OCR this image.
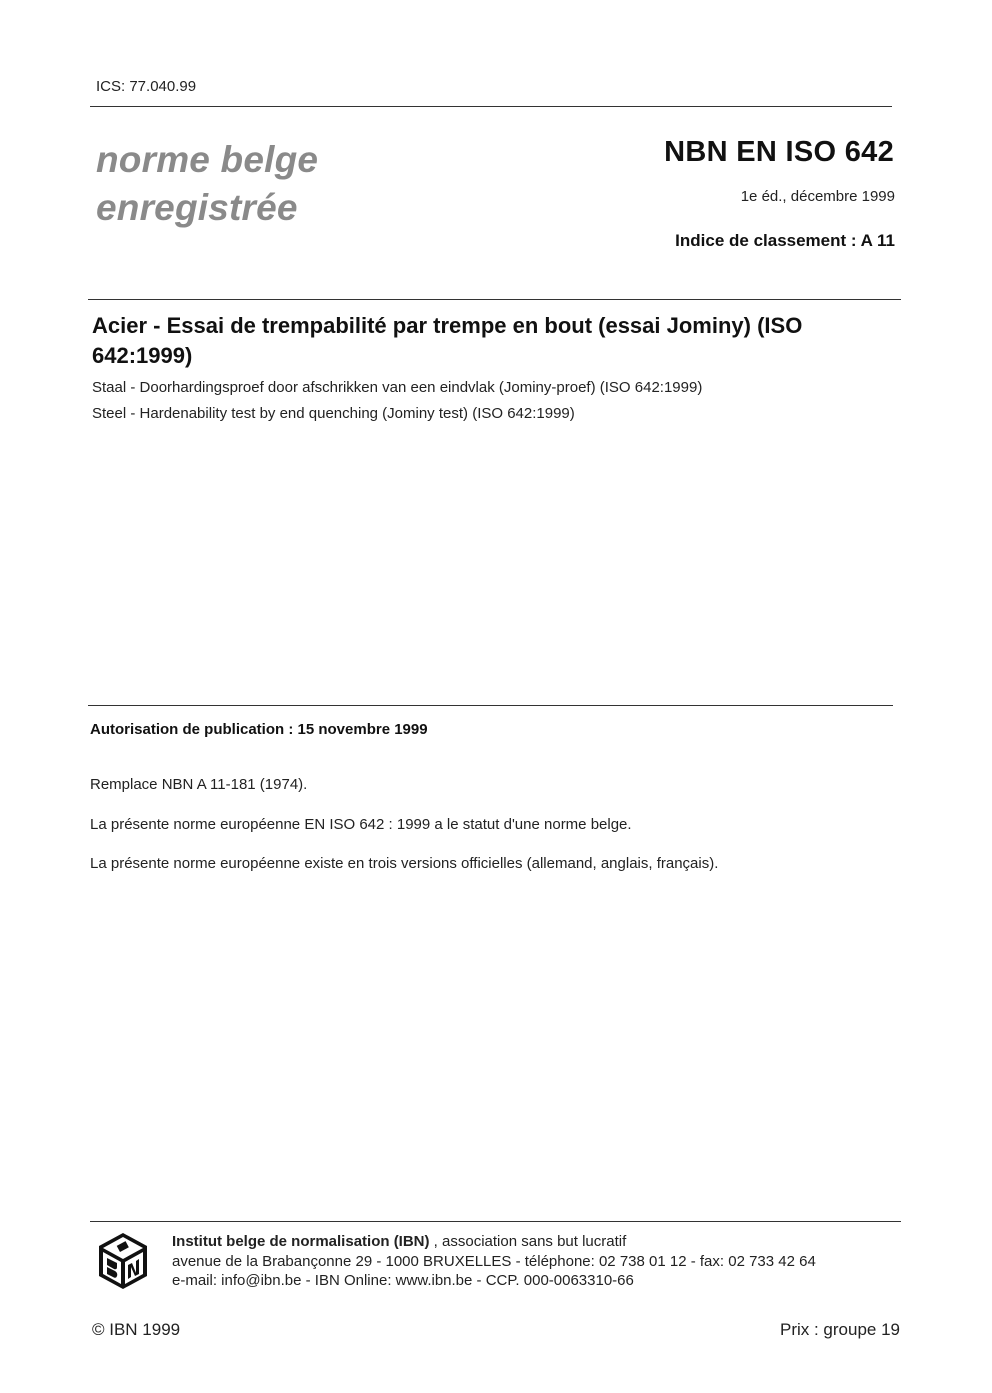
ICS: 77.040.99
norme belge
enregistrée
NBN EN ISO 642
1e éd., décembre 1999
Indice de classement : A 11
Acier - Essai de trempabilité par trempe en bout (essai Jominy) (ISO 642:1999)
Staal - Doorhardingsproef door afschrikken van een eindvlak (Jominy-proef) (ISO 642:1999)
Steel - Hardenability test by end quenching (Jominy test) (ISO 642:1999)
Autorisation de publication : 15 novembre 1999
Remplace NBN A 11-181 (1974).
La présente norme européenne EN ISO 642 : 1999 a le statut d'une norme belge.
La présente norme européenne existe en trois versions officielles (allemand, anglais, français).
Institut belge de normalisation (IBN) , association sans but lucratif
avenue de la Brabançonne 29 - 1000 BRUXELLES - téléphone: 02 738 01 12 - fax: 02 733 42 64
e-mail: info@ibn.be - IBN Online: www.ibn.be - CCP. 000-0063310-66
© IBN 1999	Prix : groupe 19
